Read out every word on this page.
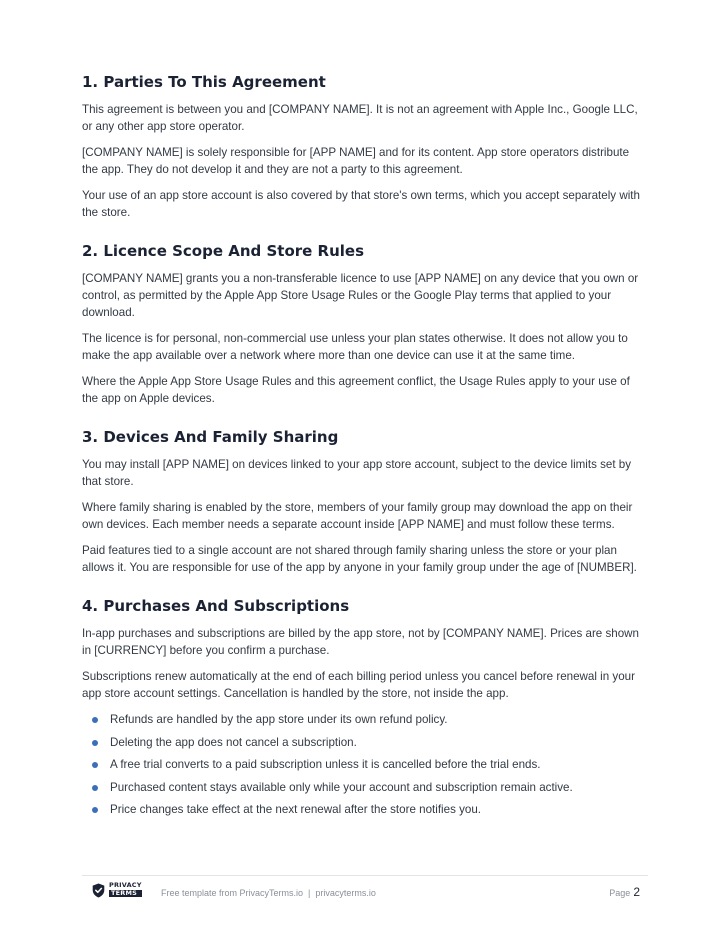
1. Parties To This Agreement

This agreement is between you and [COMPANY NAME]. It is not an agreement with Apple Inc., Google LLC, or any other app store operator.

[COMPANY NAME] is solely responsible for [APP NAME] and for its content. App store operators distribute the app. They do not develop it and they are not a party to this agreement.

Your use of an app store account is also covered by that store's own terms, which you accept separately with the store.

2. Licence Scope And Store Rules

[COMPANY NAME] grants you a non-transferable licence to use [APP NAME] on any device that you own or control, as permitted by the Apple App Store Usage Rules or the Google Play terms that applied to your download.

The licence is for personal, non-commercial use unless your plan states otherwise. It does not allow you to make the app available over a network where more than one device can use it at the same time.

Where the Apple App Store Usage Rules and this agreement conflict, the Usage Rules apply to your use of the app on Apple devices.

3. Devices And Family Sharing

You may install [APP NAME] on devices linked to your app store account, subject to the device limits set by that store.

Where family sharing is enabled by the store, members of your family group may download the app on their own devices. Each member needs a separate account inside [APP NAME] and must follow these terms.

Paid features tied to a single account are not shared through family sharing unless the store or your plan allows it. You are responsible for use of the app by anyone in your family group under the age of [NUMBER].

4. Purchases And Subscriptions

In-app purchases and subscriptions are billed by the app store, not by [COMPANY NAME]. Prices are shown in [CURRENCY] before you confirm a purchase.

Subscriptions renew automatically at the end of each billing period unless you cancel before renewal in your app store account settings. Cancellation is handled by the store, not inside the app.

Refunds are handled by the app store under its own refund policy.
Deleting the app does not cancel a subscription.
A free trial converts to a paid subscription unless it is cancelled before the trial ends.
Purchased content stays available only while your account and subscription remain active.
Price changes take effect at the next renewal after the store notifies you.
PRIVACY
TERMS	Free template from PrivacyTerms.io | privacyterms.io	Page 2
